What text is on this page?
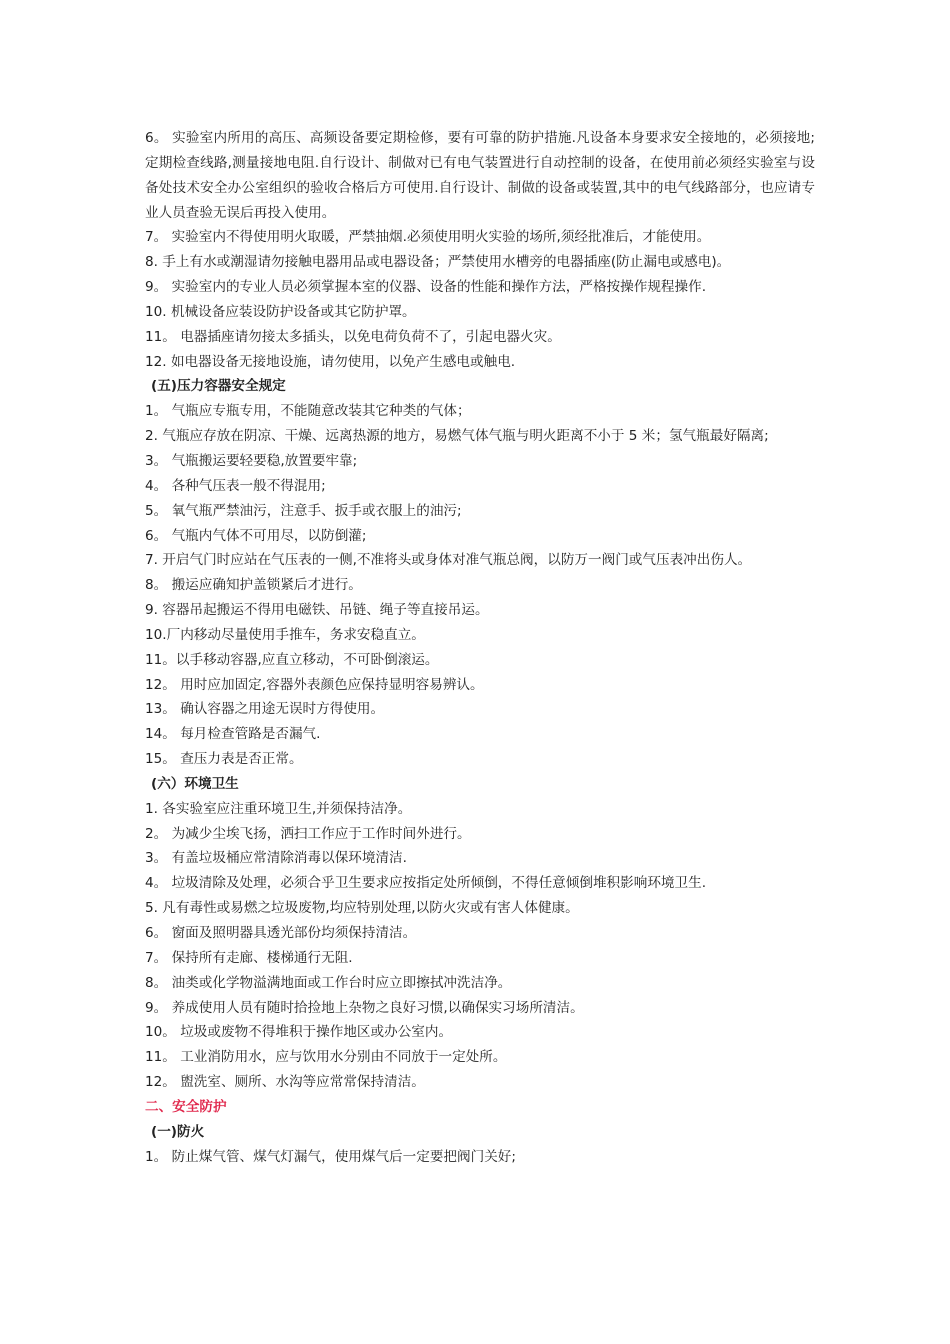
6。 实验室内所用的高压、高频设备要定期检修，要有可靠的防护措施.凡设备本身要求安全接地的，必须接地;定期检查线路,测量接地电阻.自行设计、制做对已有电气装置进行自动控制的设备，在使用前必须经实验室与设备处技术安全办公室组织的验收合格后方可使用.自行设计、制做的设备或装置,其中的电气线路部分，也应请专业人员查验无误后再投入使用。
7。 实验室内不得使用明火取暖，严禁抽烟.必须使用明火实验的场所,须经批准后，才能使用。
8. 手上有水或潮湿请勿接触电器用品或电器设备；严禁使用水槽旁的电器插座(防止漏电或感电)。
9。 实验室内的专业人员必须掌握本室的仪器、设备的性能和操作方法，严格按操作规程操作.
10. 机械设备应装设防护设备或其它防护罩。
11。 电器插座请勿接太多插头，以免电荷负荷不了，引起电器火灾。
12. 如电器设备无接地设施，请勿使用，以免产生感电或触电.
(五)压力容器安全规定
1。 气瓶应专瓶专用，不能随意改装其它种类的气体；
2. 气瓶应存放在阴凉、干燥、远离热源的地方，易燃气体气瓶与明火距离不小于 5 米；氢气瓶最好隔离;
3。 气瓶搬运要轻要稳,放置要牢靠;
4。 各种气压表一般不得混用;
5。 氧气瓶严禁油污，注意手、扳手或衣服上的油污;
6。 气瓶内气体不可用尽，以防倒灌;
7. 开启气门时应站在气压表的一侧,不准将头或身体对准气瓶总阀，以防万一阀门或气压表冲出伤人。
8。 搬运应确知护盖锁紧后才进行。
9. 容器吊起搬运不得用电磁铁、吊链、绳子等直接吊运。
10.厂内移动尽量使用手推车，务求安稳直立。
11。以手移动容器,应直立移动，不可卧倒滚运。
12。 用时应加固定,容器外表颜色应保持显明容易辨认。
13。 确认容器之用途无误时方得使用。
14。 每月检查管路是否漏气.
15。 查压力表是否正常。
(六）环境卫生
1. 各实验室应注重环境卫生,并须保持洁净。
2。 为减少尘埃飞扬，洒扫工作应于工作时间外进行。
3。 有盖垃圾桶应常清除消毒以保环境清洁.
4。 垃圾清除及处理，必须合乎卫生要求应按指定处所倾倒，不得任意倾倒堆积影响环境卫生.
5. 凡有毒性或易燃之垃圾废物,均应特别处理,以防火灾或有害人体健康。
6。 窗面及照明器具透光部份均须保持清洁。
7。 保持所有走廊、楼梯通行无阻.
8。 油类或化学物溢满地面或工作台时应立即擦拭冲洗洁净。
9。 养成使用人员有随时拾捡地上杂物之良好习惯,以确保实习场所清洁。
10。 垃圾或废物不得堆积于操作地区或办公室内。
11。 工业消防用水，应与饮用水分别由不同放于一定处所。
12。 盥洗室、厕所、水沟等应常常保持清洁。
二、安全防护
(一)防火
1。 防止煤气管、煤气灯漏气，使用煤气后一定要把阀门关好;
